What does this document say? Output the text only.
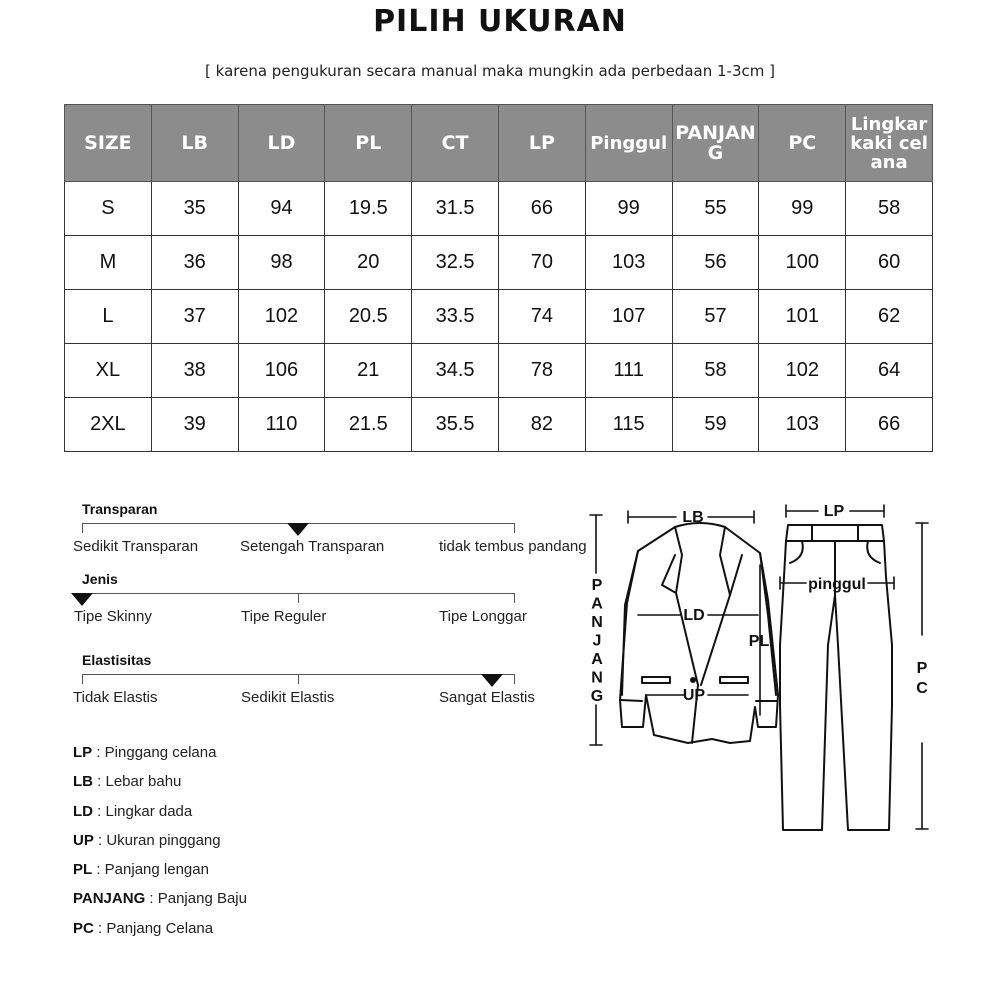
PILIH UKURAN
[ karena pengukuran secara manual maka mungkin ada perbedaan 1-3cm ]
SIZE	LB	LD	PL	CT	LP	Pinggul	PANJANG	PC	Lingkar kaki celana
S	35	94	19.5	31.5	66	99	55	99	58
M	36	98	20	32.5	70	103	56	100	60
L	37	102	20.5	33.5	74	107	57	101	62
XL	38	106	21	34.5	78	111	58	102	64
2XL	39	110	21.5	35.5	82	115	59	103	66
Transparan
Sedikit Transparan	Setengah Transparan	tidak tembus pandang
Jenis
Tipe Skinny	Tipe Reguler	Tipe Longgar
Elastisitas
Tidak Elastis	Sedikit Elastis	Sangat Elastis
LP : Pinggang celana
LB : Lebar bahu
LD : Lingkar dada
UP : Ukuran pinggang
PL : Panjang lengan
PANJANG : Panjang Baju
PC : Panjang Celana
LB
LD
UP
PL
P A N J A N G
LP
pinggul
P C
